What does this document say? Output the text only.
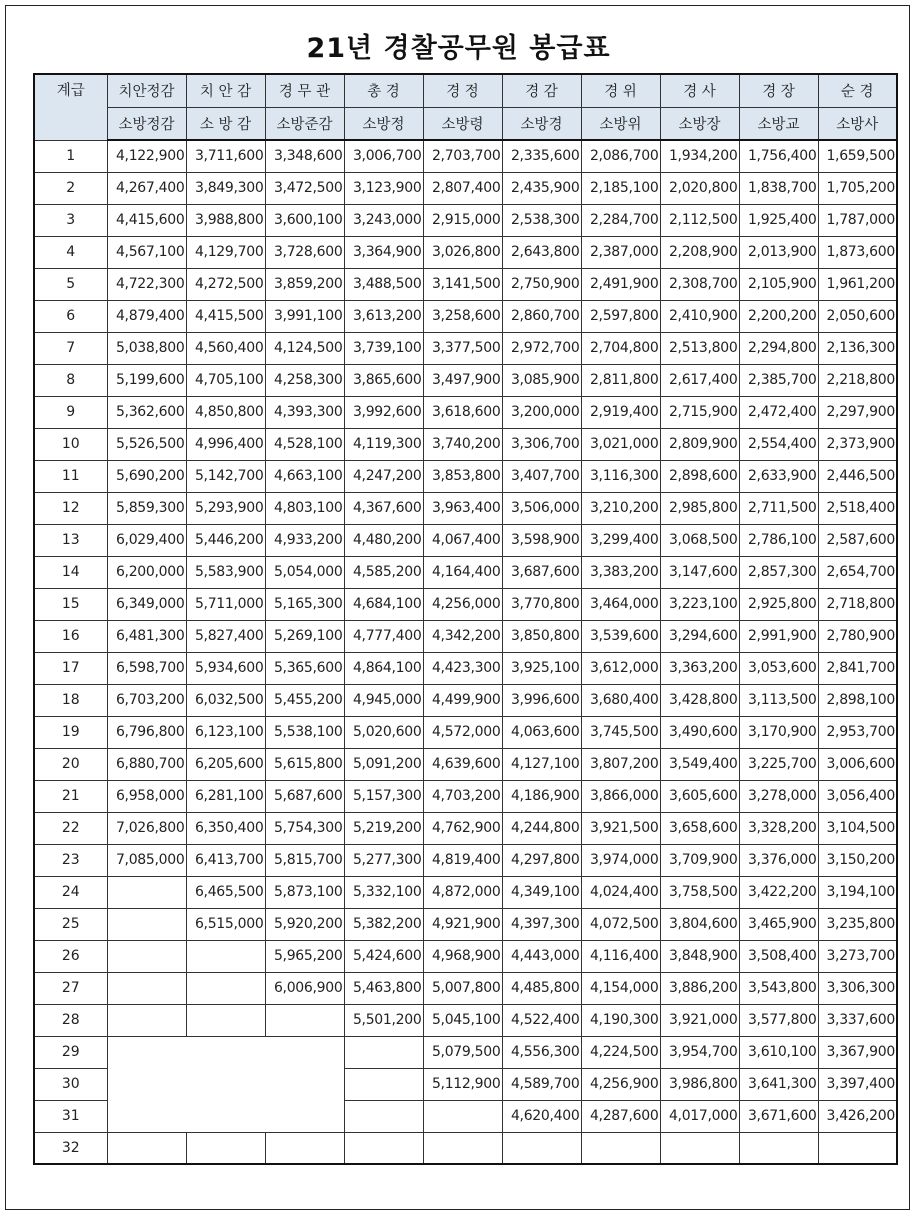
21년 경찰공무원 봉급표
계급	치안정감	치 안 감	경 무 관	총 경	경 정	경 감	경 위	경 사	경 장	순 경
	소방정감	소 방 감	소방준감	소방정	소방령	소방경	소방위	소방장	소방교	소방사
1	4,122,900	3,711,600	3,348,600	3,006,700	2,703,700	2,335,600	2,086,700	1,934,200	1,756,400	1,659,500
2	4,267,400	3,849,300	3,472,500	3,123,900	2,807,400	2,435,900	2,185,100	2,020,800	1,838,700	1,705,200
3	4,415,600	3,988,800	3,600,100	3,243,000	2,915,000	2,538,300	2,284,700	2,112,500	1,925,400	1,787,000
4	4,567,100	4,129,700	3,728,600	3,364,900	3,026,800	2,643,800	2,387,000	2,208,900	2,013,900	1,873,600
5	4,722,300	4,272,500	3,859,200	3,488,500	3,141,500	2,750,900	2,491,900	2,308,700	2,105,900	1,961,200
6	4,879,400	4,415,500	3,991,100	3,613,200	3,258,600	2,860,700	2,597,800	2,410,900	2,200,200	2,050,600
7	5,038,800	4,560,400	4,124,500	3,739,100	3,377,500	2,972,700	2,704,800	2,513,800	2,294,800	2,136,300
8	5,199,600	4,705,100	4,258,300	3,865,600	3,497,900	3,085,900	2,811,800	2,617,400	2,385,700	2,218,800
9	5,362,600	4,850,800	4,393,300	3,992,600	3,618,600	3,200,000	2,919,400	2,715,900	2,472,400	2,297,900
10	5,526,500	4,996,400	4,528,100	4,119,300	3,740,200	3,306,700	3,021,000	2,809,900	2,554,400	2,373,900
11	5,690,200	5,142,700	4,663,100	4,247,200	3,853,800	3,407,700	3,116,300	2,898,600	2,633,900	2,446,500
12	5,859,300	5,293,900	4,803,100	4,367,600	3,963,400	3,506,000	3,210,200	2,985,800	2,711,500	2,518,400
13	6,029,400	5,446,200	4,933,200	4,480,200	4,067,400	3,598,900	3,299,400	3,068,500	2,786,100	2,587,600
14	6,200,000	5,583,900	5,054,000	4,585,200	4,164,400	3,687,600	3,383,200	3,147,600	2,857,300	2,654,700
15	6,349,000	5,711,000	5,165,300	4,684,100	4,256,000	3,770,800	3,464,000	3,223,100	2,925,800	2,718,800
16	6,481,300	5,827,400	5,269,100	4,777,400	4,342,200	3,850,800	3,539,600	3,294,600	2,991,900	2,780,900
17	6,598,700	5,934,600	5,365,600	4,864,100	4,423,300	3,925,100	3,612,000	3,363,200	3,053,600	2,841,700
18	6,703,200	6,032,500	5,455,200	4,945,000	4,499,900	3,996,600	3,680,400	3,428,800	3,113,500	2,898,100
19	6,796,800	6,123,100	5,538,100	5,020,600	4,572,000	4,063,600	3,745,500	3,490,600	3,170,900	2,953,700
20	6,880,700	6,205,600	5,615,800	5,091,200	4,639,600	4,127,100	3,807,200	3,549,400	3,225,700	3,006,600
21	6,958,000	6,281,100	5,687,600	5,157,300	4,703,200	4,186,900	3,866,000	3,605,600	3,278,000	3,056,400
22	7,026,800	6,350,400	5,754,300	5,219,200	4,762,900	4,244,800	3,921,500	3,658,600	3,328,200	3,104,500
23	7,085,000	6,413,700	5,815,700	5,277,300	4,819,400	4,297,800	3,974,000	3,709,900	3,376,000	3,150,200
24		6,465,500	5,873,100	5,332,100	4,872,000	4,349,100	4,024,400	3,758,500	3,422,200	3,194,100
25		6,515,000	5,920,200	5,382,200	4,921,900	4,397,300	4,072,500	3,804,600	3,465,900	3,235,800
26			5,965,200	5,424,600	4,968,900	4,443,000	4,116,400	3,848,900	3,508,400	3,273,700
27			6,006,900	5,463,800	5,007,800	4,485,800	4,154,000	3,886,200	3,543,800	3,306,300
28				5,501,200	5,045,100	4,522,400	4,190,300	3,921,000	3,577,800	3,337,600
29					5,079,500	4,556,300	4,224,500	3,954,700	3,610,100	3,367,900
30					5,112,900	4,589,700	4,256,900	3,986,800	3,641,300	3,397,400
31						4,620,400	4,287,600	4,017,000	3,671,600	3,426,200
32										
